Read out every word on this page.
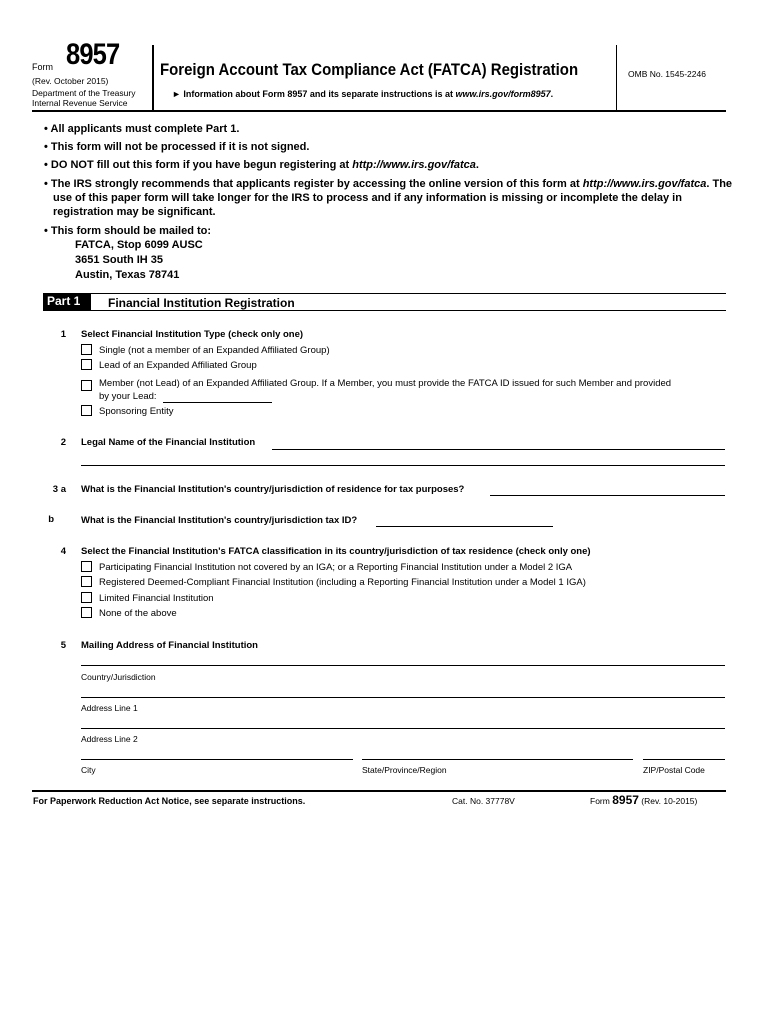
Form 8957
(Rev. October 2015)
Department of the Treasury
Internal Revenue Service
Foreign Account Tax Compliance Act (FATCA) Registration
► Information about Form 8957 and its separate instructions is at www.irs.gov/form8957.
OMB No. 1545-2246
• All applicants must complete Part 1.
• This form will not be processed if it is not signed.
• DO NOT fill out this form if you have begun registering at http://www.irs.gov/fatca.
• The IRS strongly recommends that applicants register by accessing the online version of this form at http://www.irs.gov/fatca. The
use of this paper form will take longer for the IRS to process and if any information is missing or incomplete the delay in
registration may be significant.
• This form should be mailed to:
FATCA, Stop 6099 AUSC
3651 South IH 35
Austin, Texas 78741
Part 1	Financial Institution Registration
1 Select Financial Institution Type (check only one)
Single (not a member of an Expanded Affiliated Group)
Lead of an Expanded Affiliated Group
Member (not Lead) of an Expanded Affiliated Group. If a Member, you must provide the FATCA ID issued for such Member and provided
by your Lead:
Sponsoring Entity
2 Legal Name of the Financial Institution
3 a What is the Financial Institution's country/jurisdiction of residence for tax purposes?
b	What is the Financial Institution's country/jurisdiction tax ID?
4 Select the Financial Institution's FATCA classification in its country/jurisdiction of tax residence (check only one)
Participating Financial Institution not covered by an IGA; or a Reporting Financial Institution under a Model 2 IGA
Registered Deemed-Compliant Financial Institution (including a Reporting Financial Institution under a Model 1 IGA)
Limited Financial Institution
None of the above
5 Mailing Address of Financial Institution
Country/Jurisdiction
Address Line 1
Address Line 2
City	State/Province/Region	ZIP/Postal Code
For Paperwork Reduction Act Notice, see separate instructions.	Cat. No. 37778V	Form 8957 (Rev. 10-2015)
